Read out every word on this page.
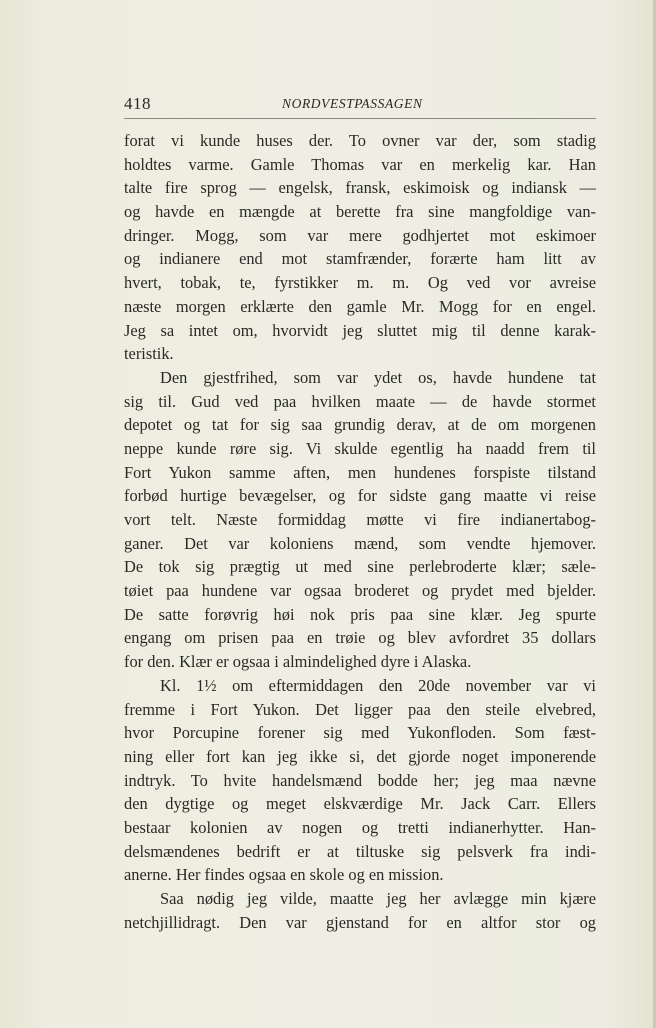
418	NORDVESTPASSAGEN
forat vi kunde huses der. To ovner var der, som stadig
holdtes varme. Gamle Thomas var en merkelig kar. Han
talte fire sprog — engelsk, fransk, eskimoisk og indiansk —
og havde en mængde at berette fra sine mangfoldige van-
dringer. Mogg, som var mere godhjertet mot eskimoer
og indianere end mot stamfrænder, forærte ham litt av
hvert, tobak, te, fyrstikker m. m. Og ved vor avreise
næste morgen erklærte den gamle Mr. Mogg for en engel.
Jeg sa intet om, hvorvidt jeg sluttet mig til denne karak-
teristik.
Den gjestfrihed, som var ydet os, havde hundene tat
sig til. Gud ved paa hvilken maate — de havde stormet
depotet og tat for sig saa grundig derav, at de om morgenen
neppe kunde røre sig. Vi skulde egentlig ha naadd frem til
Fort Yukon samme aften, men hundenes forspiste tilstand
forbød hurtige bevægelser, og for sidste gang maatte vi reise
vort telt. Næste formiddag møtte vi fire indianertabog-
ganer. Det var koloniens mænd, som vendte hjemover.
De tok sig prægtig ut med sine perlebroderte klær; sæle-
tøiet paa hundene var ogsaa broderet og prydet med bjelder.
De satte forøvrig høi nok pris paa sine klær. Jeg spurte
engang om prisen paa en trøie og blev avfordret 35 dollars
for den. Klær er ogsaa i almindelighed dyre i Alaska.
Kl. 1½ om eftermiddagen den 20de november var vi
fremme i Fort Yukon. Det ligger paa den steile elvebred,
hvor Porcupine forener sig med Yukonfloden. Som fæst-
ning eller fort kan jeg ikke si, det gjorde noget imponerende
indtryk. To hvite handelsmænd bodde her; jeg maa nævne
den dygtige og meget elskværdige Mr. Jack Carr. Ellers
bestaar kolonien av nogen og tretti indianerhytter. Han-
delsmændenes bedrift er at tiltuske sig pelsverk fra indi-
anerne. Her findes ogsaa en skole og en mission.
Saa nødig jeg vilde, maatte jeg her avlægge min kjære
netchjillidragt. Den var gjenstand for en altfor stor og
